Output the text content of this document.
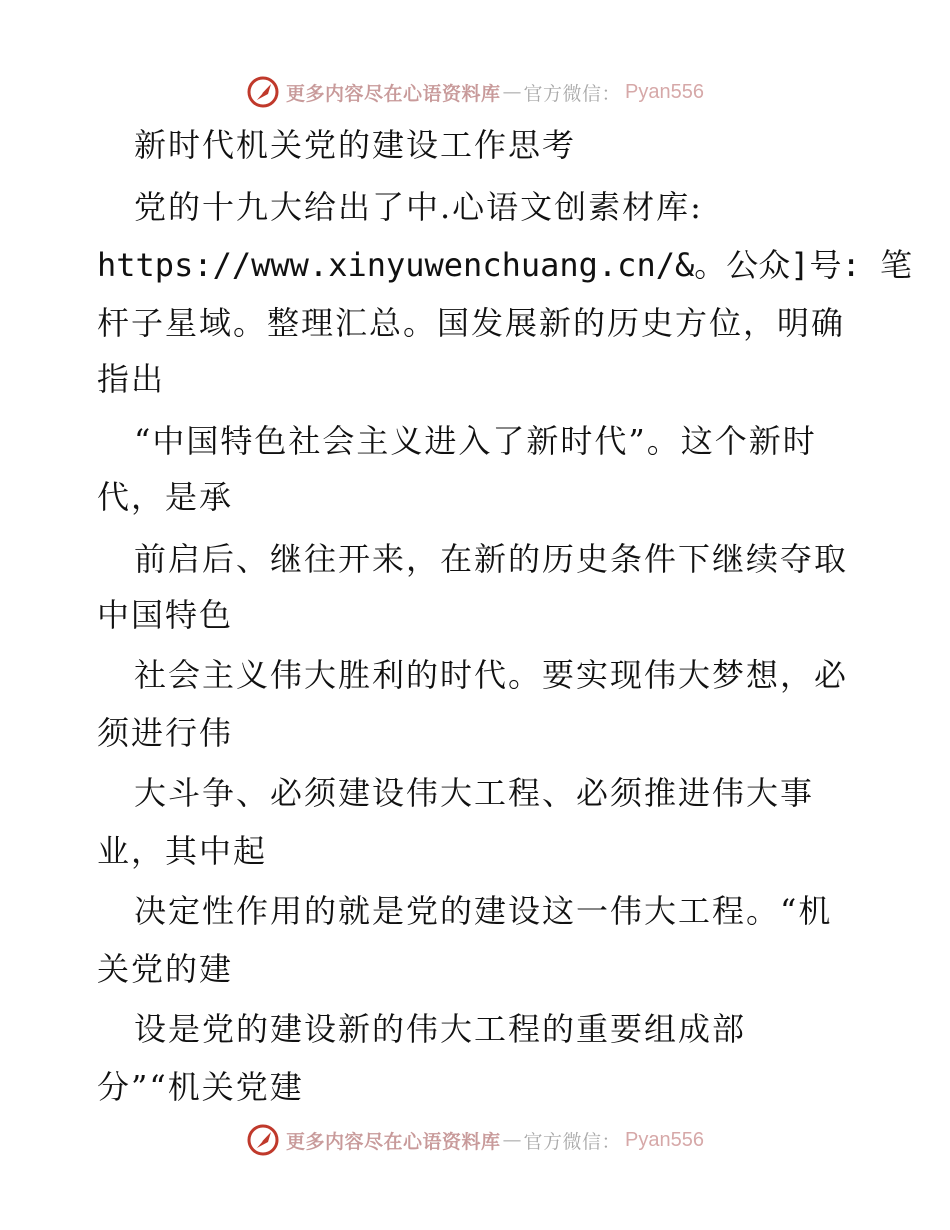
更多内容尽在心语资料库 — 官方微信： Pyan556
新时代机关党的建设工作思考
党的十九大给出了中.心语文创素材库:
https://www.xinyuwenchuang.cn/&。公众]号: 笔
杆子星域。整理汇总。国发展新的历史方位，明确
指出
“中国特色社会主义进入了新时代”。这个新时
代，是承
前启后、继往开来，在新的历史条件下继续夺取
中国特色
社会主义伟大胜利的时代。要实现伟大梦想，必
须进行伟
大斗争、必须建设伟大工程、必须推进伟大事
业，其中起
决定性作用的就是党的建设这一伟大工程。“机
关党的建
设是党的建设新的伟大工程的重要组成部
分”“机关党建
更多内容尽在心语资料库 — 官方微信： Pyan556
